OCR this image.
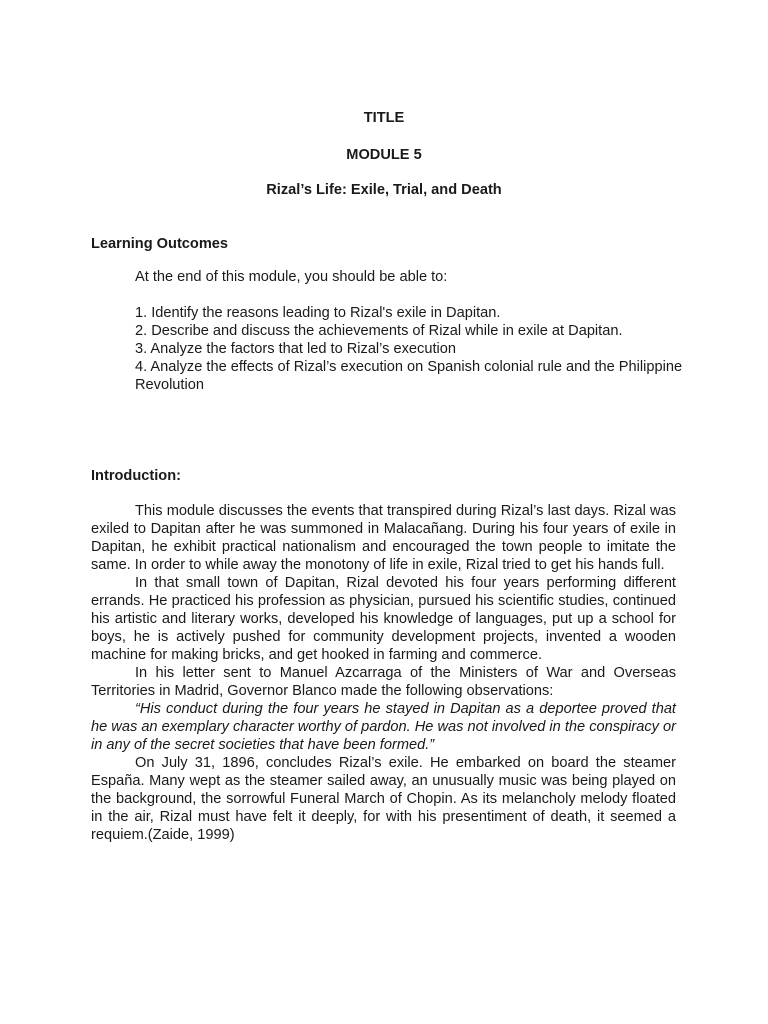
TITLE

MODULE 5

Rizal’s Life: Exile, Trial, and Death

Learning Outcomes

At the end of this module, you should be able to:

1. Identify the reasons leading to Rizal's exile in Dapitan.
2. Describe and discuss the achievements of Rizal while in exile at Dapitan.
3. Analyze the factors that led to Rizal’s execution
4. Analyze the effects of Rizal’s execution on Spanish colonial rule and the Philippine Revolution

Introduction:

This module discusses the events that transpired during Rizal’s last days. Rizal was exiled to Dapitan after he was summoned in Malacañang. During his four years of exile in Dapitan, he exhibit practical nationalism and encouraged the town people to imitate the same. In order to while away the monotony of life in exile, Rizal tried to get his hands full.

In that small town of Dapitan, Rizal devoted his four years performing different errands. He practiced his profession as physician, pursued his scientific studies, continued his artistic and literary works, developed his knowledge of languages, put up a school for boys, he is actively pushed for community development projects, invented a wooden machine for making bricks, and get hooked in farming and commerce.

In his letter sent to Manuel Azcarraga of the Ministers of War and Overseas Territories in Madrid, Governor Blanco made the following observations:

“His conduct during the four years he stayed in Dapitan as a deportee proved that he was an exemplary character worthy of pardon. He was not involved in the conspiracy or in any of the secret societies that have been formed.”

On July 31, 1896, concludes Rizal’s exile. He embarked on board the steamer España. Many wept as the steamer sailed away, an unusually music was being played on the background, the sorrowful Funeral March of Chopin. As its melancholy melody floated in the air, Rizal must have felt it deeply, for with his presentiment of death, it seemed a requiem.(Zaide, 1999)
